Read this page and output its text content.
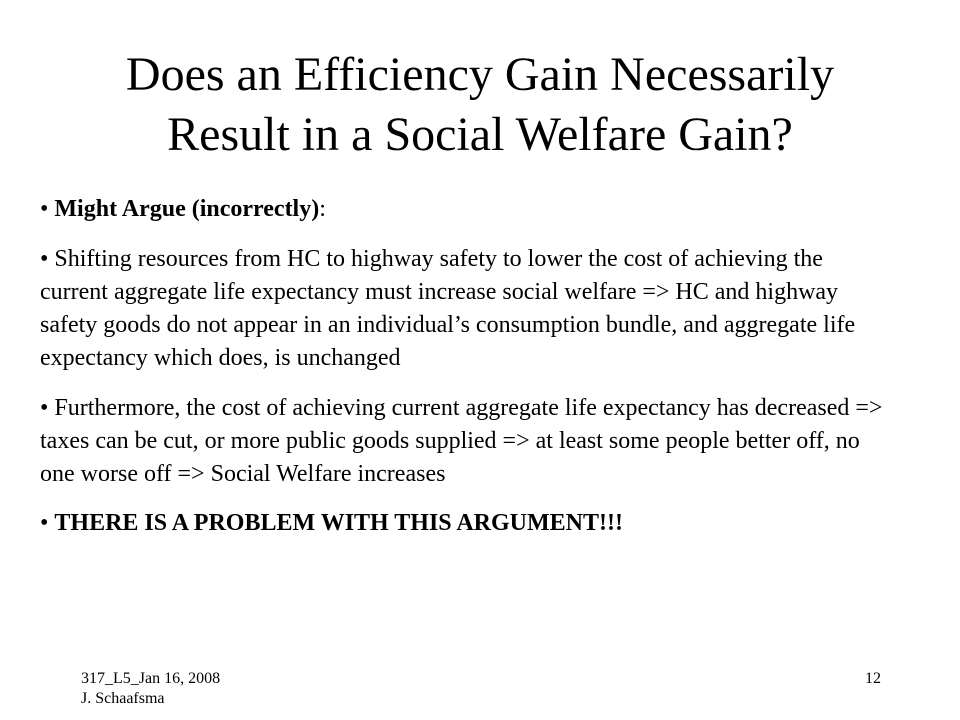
Does an Efficiency Gain Necessarily
Result in a Social Welfare Gain?
• Might Argue (incorrectly):
• Shifting resources from HC to highway safety to lower the cost of achieving the current aggregate life expectancy must increase social welfare => HC and highway safety goods do not appear in an individual’s consumption bundle, and aggregate life expectancy which does, is unchanged
• Furthermore, the cost of achieving current aggregate life expectancy has decreased => taxes can be cut, or more public goods supplied => at least some people better off, no one worse off => Social Welfare increases
• THERE IS A PROBLEM WITH THIS ARGUMENT!!!
317_L5_Jan 16, 2008
J. Schaafsma
12
